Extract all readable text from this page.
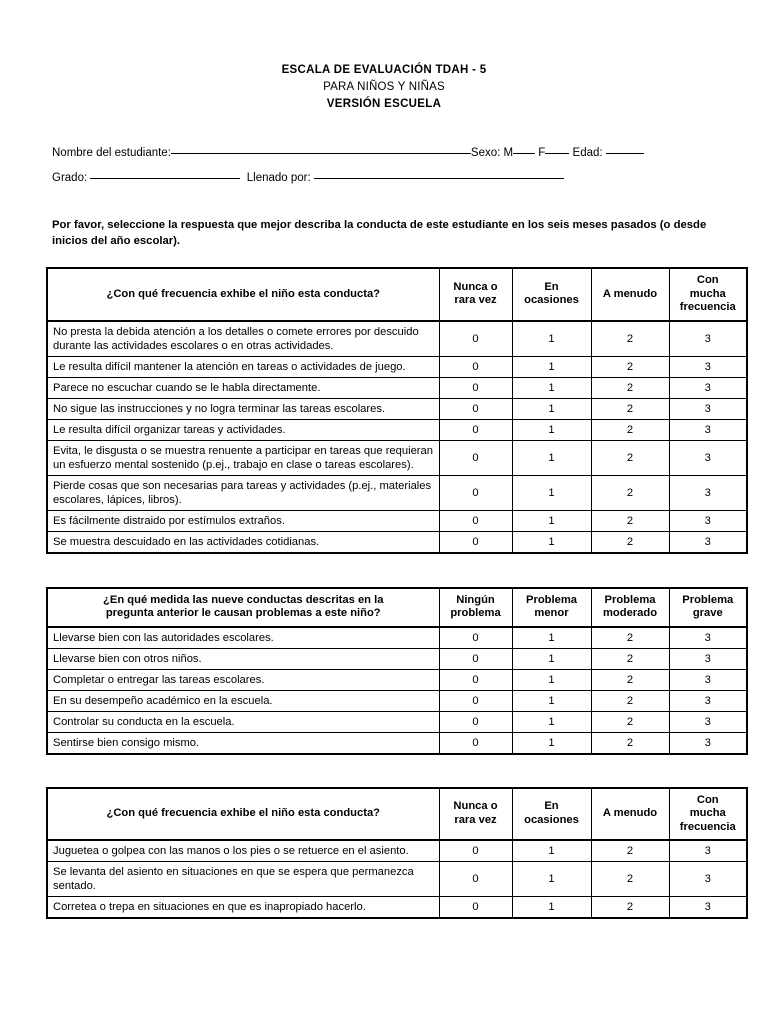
ESCALA DE EVALUACIÓN TDAH - 5
PARA NIÑOS Y NIÑAS
VERSIÓN ESCUELA
Nombre del estudiante:	Sexo: M F Edad:
Grado:	Llenado por:
Por favor, seleccione la respuesta que mejor describa la conducta de este estudiante en los seis meses pasados (o desde inicios del año escolar).
¿Con qué frecuencia exhibe el niño esta conducta?	
Nunca o
rara vez

En
ocasiones

A menudo

Con
mucha
frecuencia

No presta la debida atención a los detalles o comete errores por descuido durante las actividades escolares o en otras actividades.	0	1	2	3
Le resulta difícil mantener la atención en tareas o actividades de juego.	0	1	2	3
Parece no escuchar cuando se le habla directamente.	0	1	2	3
No sigue las instrucciones y no logra terminar las tareas escolares.	0	1	2	3
Le resulta difícil organizar tareas y actividades.	0	1	2	3
Evita, le disgusta o se muestra renuente a participar en tareas que requieran un esfuerzo mental sostenido (p.ej., trabajo en clase o tareas escolares).	0	1	2	3
Pierde cosas que son necesarias para tareas y actividades (p.ej., materiales escolares, lápices, libros).	0	1	2	3
Es fácilmente distraido por estímulos extraños.	0	1	2	3
Se muestra descuidado en las actividades cotidianas.	0	1	2	3
¿En qué medida las nueve conductas descritas en la
pregunta anterior le causan problemas a este niño?

Ningún
problema

Problema
menor

Problema
moderado

Problema
grave

Llevarse bien con las autoridades escolares.	0	1	2	3
Llevarse bien con otros niños.	0	1	2	3
Completar o entregar las tareas escolares.	0	1	2	3
En su desempeño académico en la escuela.	0	1	2	3
Controlar su conducta en la escuela.	0	1	2	3
Sentirse bien consigo mismo.	0	1	2	3
¿Con qué frecuencia exhibe el niño esta conducta?	
Nunca o
rara vez

En
ocasiones

A menudo

Con
mucha
frecuencia

Juguetea o golpea con las manos o los pies o se retuerce en el asiento.	0	1	2	3
Se levanta del asiento en situaciones en que se espera que permanezca sentado.	0	1	2	3
Corretea o trepa en situaciones en que es inapropiado hacerlo.	0	1	2	3
